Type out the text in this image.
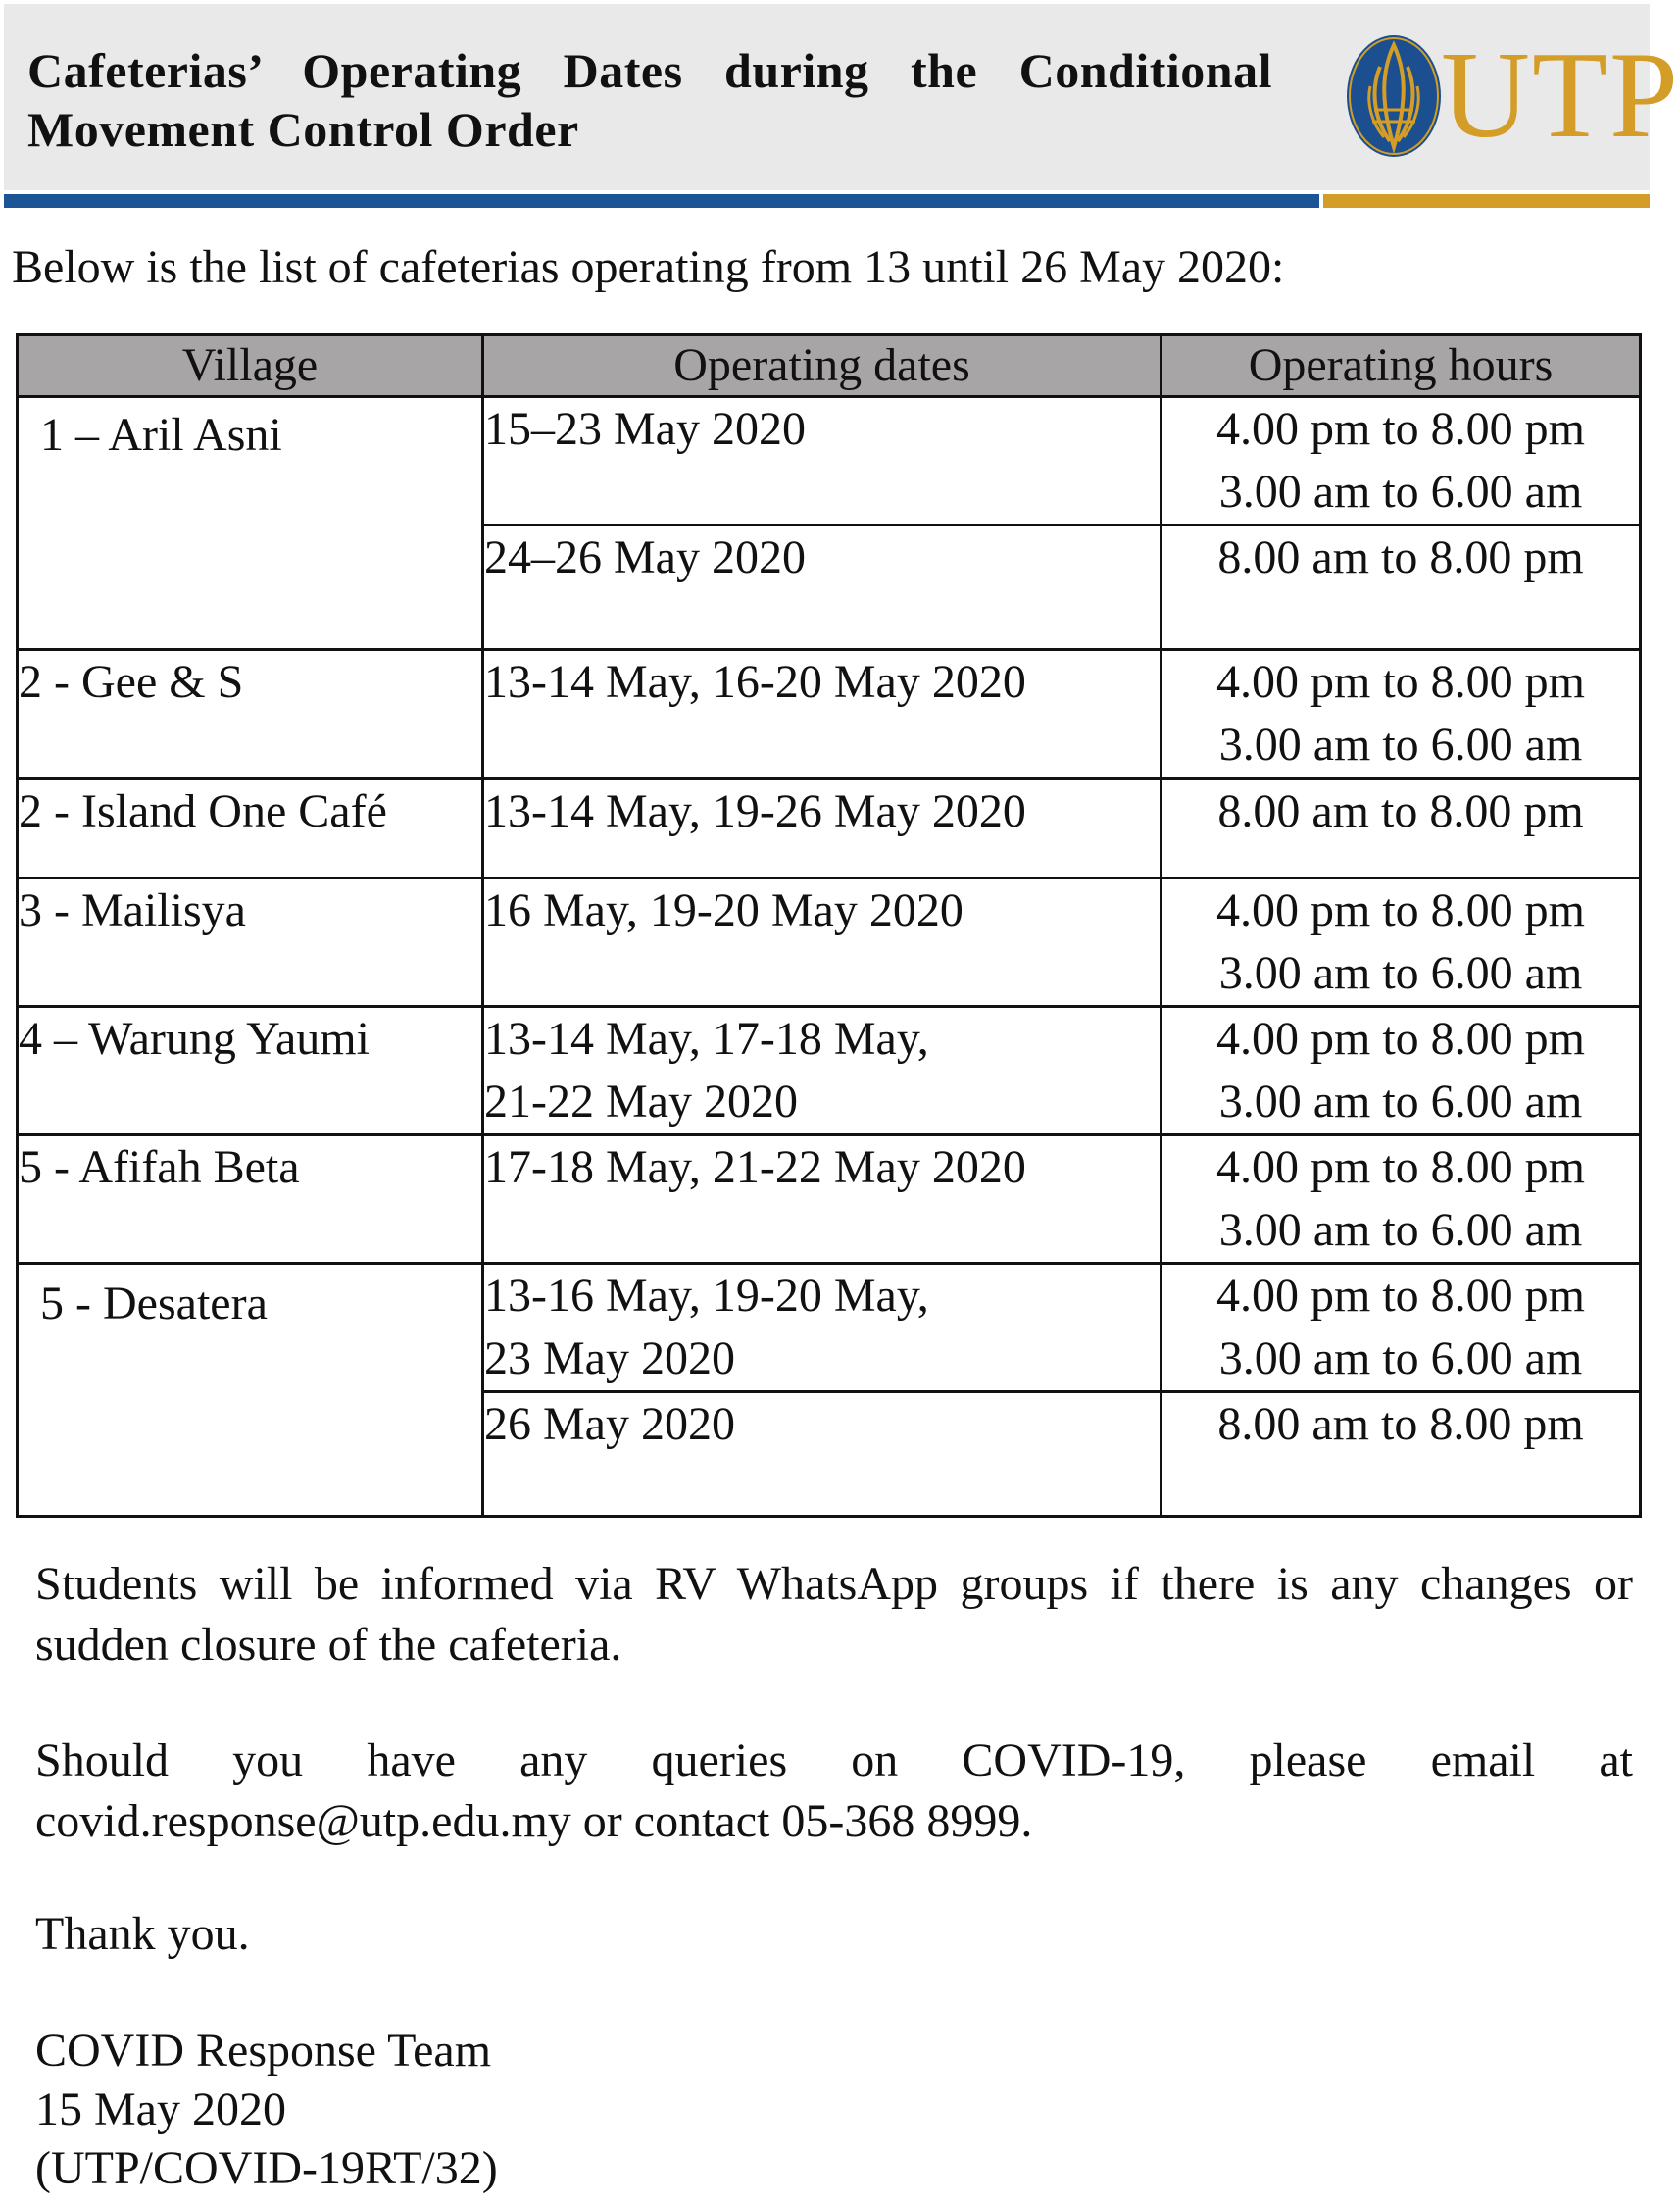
Cafeterias’ Operating Dates during the Conditional Movement Control Order	UTP
Below is the list of cafeterias operating from 13 until 26 May 2020:
Village	Operating dates	Operating hours
1 – Aril Asni	15–23 May 2020	4.00 pm to 8.00 pm
3.00 am to 6.00 am

	24–26 May 2020	8.00 am to 8.00 pm

2 - Gee & S	13-14 May, 16-20 May 2020	4.00 pm to 8.00 pm
3.00 am to 6.00 am

2 - Island One Café	13-14 May, 19-26 May 2020	8.00 am to 8.00 pm

3 - Mailisya	16 May, 19-20 May 2020	4.00 pm to 8.00 pm
3.00 am to 6.00 am

4 – Warung Yaumi	13-14 May, 17-18 May,
21-22 May 2020	4.00 pm to 8.00 pm
3.00 am to 6.00 am

5 - Afifah Beta	17-18 May, 21-22 May 2020	4.00 pm to 8.00 pm
3.00 am to 6.00 am

5 - Desatera	13-16 May, 19-20 May,
23 May 2020	4.00 pm to 8.00 pm
3.00 am to 6.00 am

	26 May 2020	8.00 am to 8.00 pm
Students will be informed via RV WhatsApp groups if there is any changes or sudden closure of the cafeteria.
Should you have any queries on COVID-19, please email at covid.response@utp.edu.my or contact 05-368 8999.
Thank you.
COVID Response Team
15 May 2020
(UTP/COVID-19RT/32)
